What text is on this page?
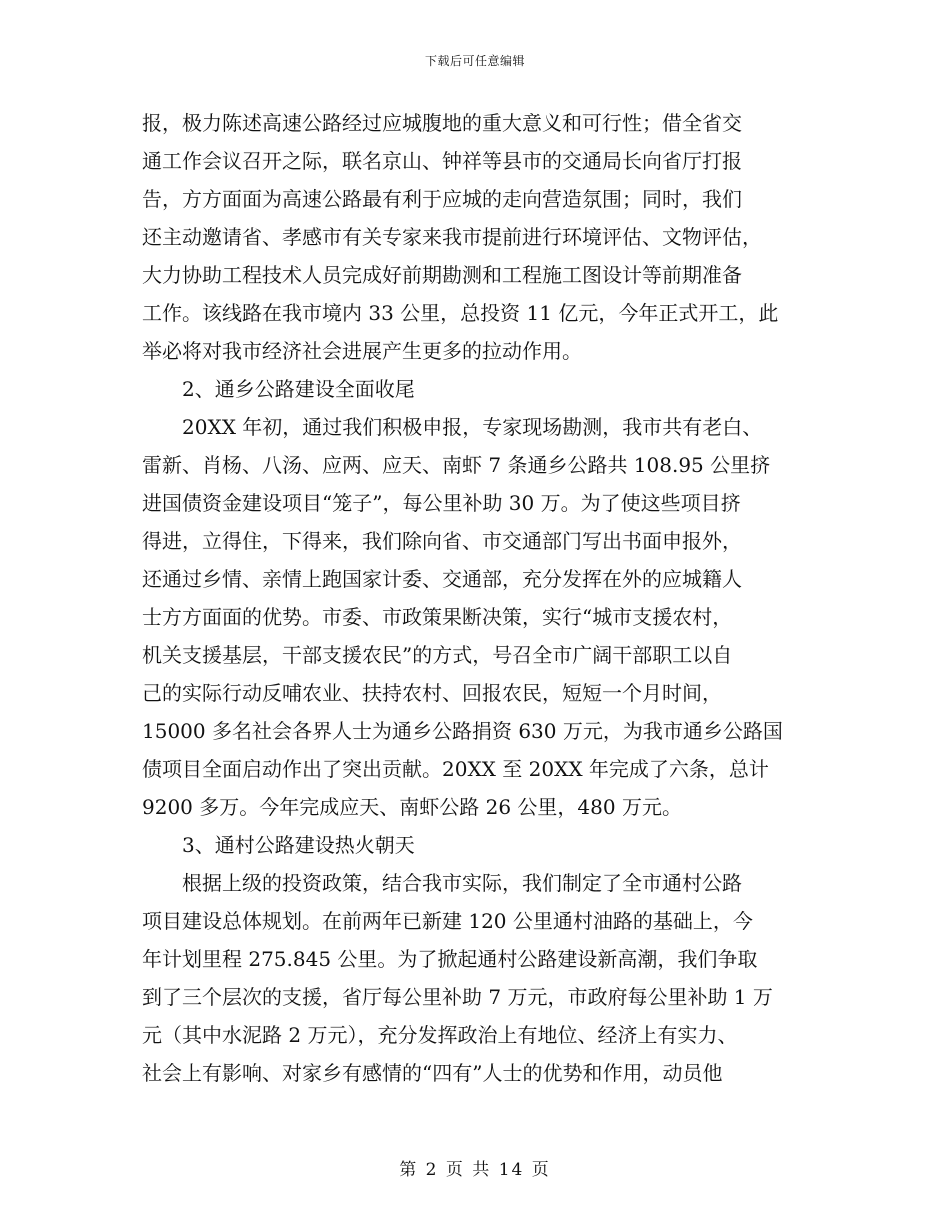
下载后可任意编辑
报，极力陈述高速公路经过应城腹地的重大意义和可行性；借全省交
通工作会议召开之际，联名京山、钟祥等县市的交通局长向省厅打报
告，方方面面为高速公路最有利于应城的走向营造氛围；同时，我们
还主动邀请省、孝感市有关专家来我市提前进行环境评估、文物评估，
大力协助工程技术人员完成好前期勘测和工程施工图设计等前期准备
工作。该线路在我市境内 33 公里，总投资 11 亿元，今年正式开工，此
举必将对我市经济社会进展产生更多的拉动作用。
2、通乡公路建设全面收尾
20XX 年初，通过我们积极申报，专家现场勘测，我市共有老白、
雷新、肖杨、八汤、应两、应天、南虾 7 条通乡公路共 108.95 公里挤
进国债资金建设项目“笼子”，每公里补助 30 万。为了使这些项目挤
得进，立得住，下得来，我们除向省、市交通部门写出书面申报外，
还通过乡情、亲情上跑国家计委、交通部，充分发挥在外的应城籍人
士方方面面的优势。市委、市政策果断决策，实行“城市支援农村，
机关支援基层，干部支援农民”的方式，号召全市广阔干部职工以自
己的实际行动反哺农业、扶持农村、回报农民，短短一个月时间，
15000 多名社会各界人士为通乡公路捐资 630 万元，为我市通乡公路国
债项目全面启动作出了突出贡献。20XX 至 20XX 年完成了六条，总计
9200 多万。今年完成应天、南虾公路 26 公里，480 万元。
3、通村公路建设热火朝天
根据上级的投资政策，结合我市实际，我们制定了全市通村公路
项目建设总体规划。在前两年已新建 120 公里通村油路的基础上，今
年计划里程 275.845 公里。为了掀起通村公路建设新高潮，我们争取
到了三个层次的支援，省厅每公里补助 7 万元，市政府每公里补助 1 万
元（其中水泥路 2 万元），充分发挥政治上有地位、经济上有实力、
社会上有影响、对家乡有感情的“四有”人士的优势和作用，动员他
第 2 页 共 14 页
